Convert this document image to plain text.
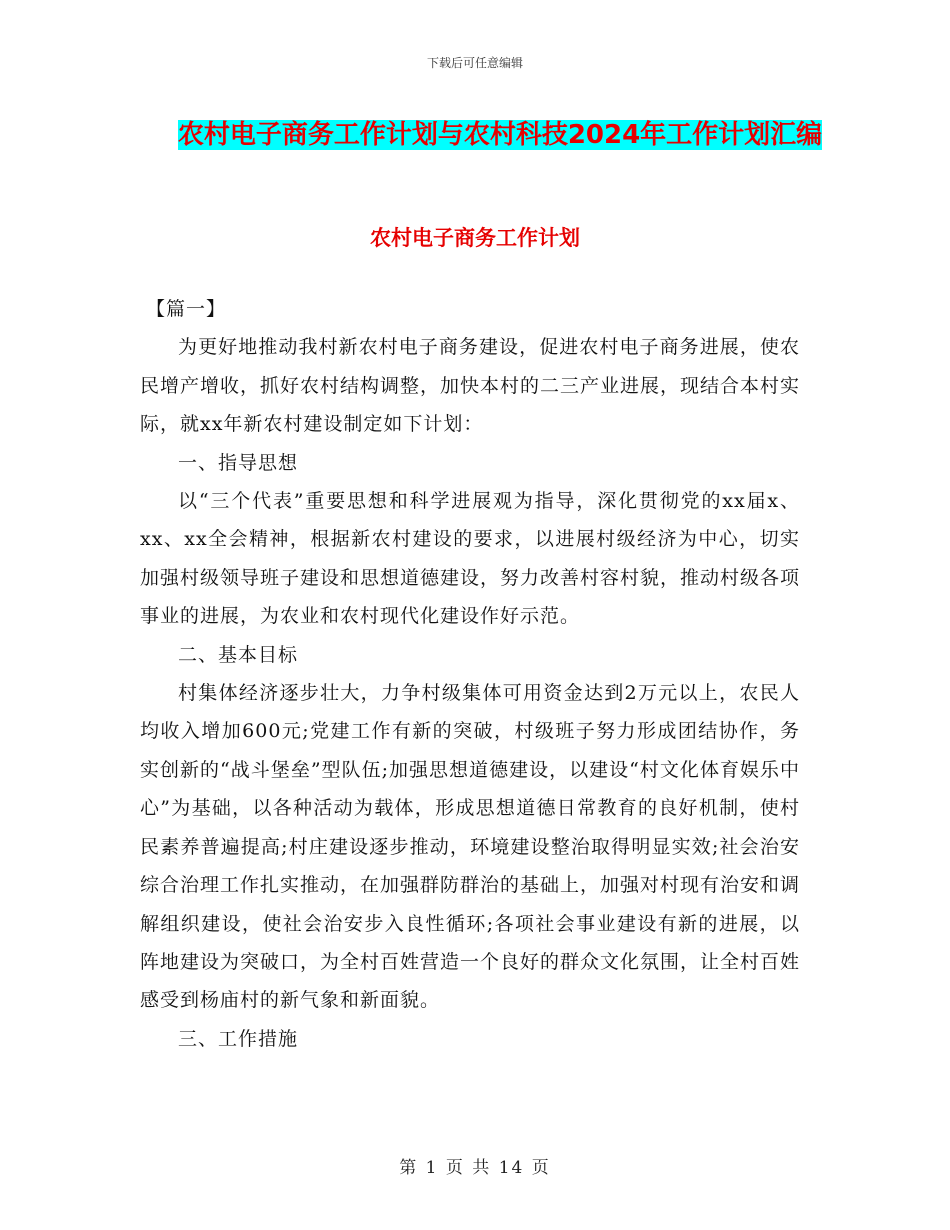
下载后可任意编辑
农村电子商务工作计划与农村科技2024年工作计划汇编
农村电子商务工作计划

【篇一】

为更好地推动我村新农村电子商务建设，促进农村电子商务进展，使农民增产增收，抓好农村结构调整，加快本村的二三产业进展，现结合本村实际，就xx年新农村建设制定如下计划：

一、指导思想

以“三个代表”重要思想和科学进展观为指导，深化贯彻党的xx届x、xx、xx全会精神，根据新农村建设的要求，以进展村级经济为中心，切实加强村级领导班子建设和思想道德建设，努力改善村容村貌，推动村级各项事业的进展，为农业和农村现代化建设作好示范。

二、基本目标

村集体经济逐步壮大，力争村级集体可用资金达到2万元以上，农民人均收入增加600元;党建工作有新的突破，村级班子努力形成团结协作，务实创新的“战斗堡垒”型队伍;加强思想道德建设，以建设“村文化体育娱乐中心”为基础，以各种活动为载体，形成思想道德日常教育的良好机制，使村民素养普遍提高;村庄建设逐步推动，环境建设整治取得明显实效;社会治安综合治理工作扎实推动，在加强群防群治的基础上，加强对村现有治安和调解组织建设，使社会治安步入良性循环;各项社会事业建设有新的进展，以阵地建设为突破口，为全村百姓营造一个良好的群众文化氛围，让全村百姓感受到杨庙村的新气象和新面貌。

三、工作措施

第 1 页 共 14 页
